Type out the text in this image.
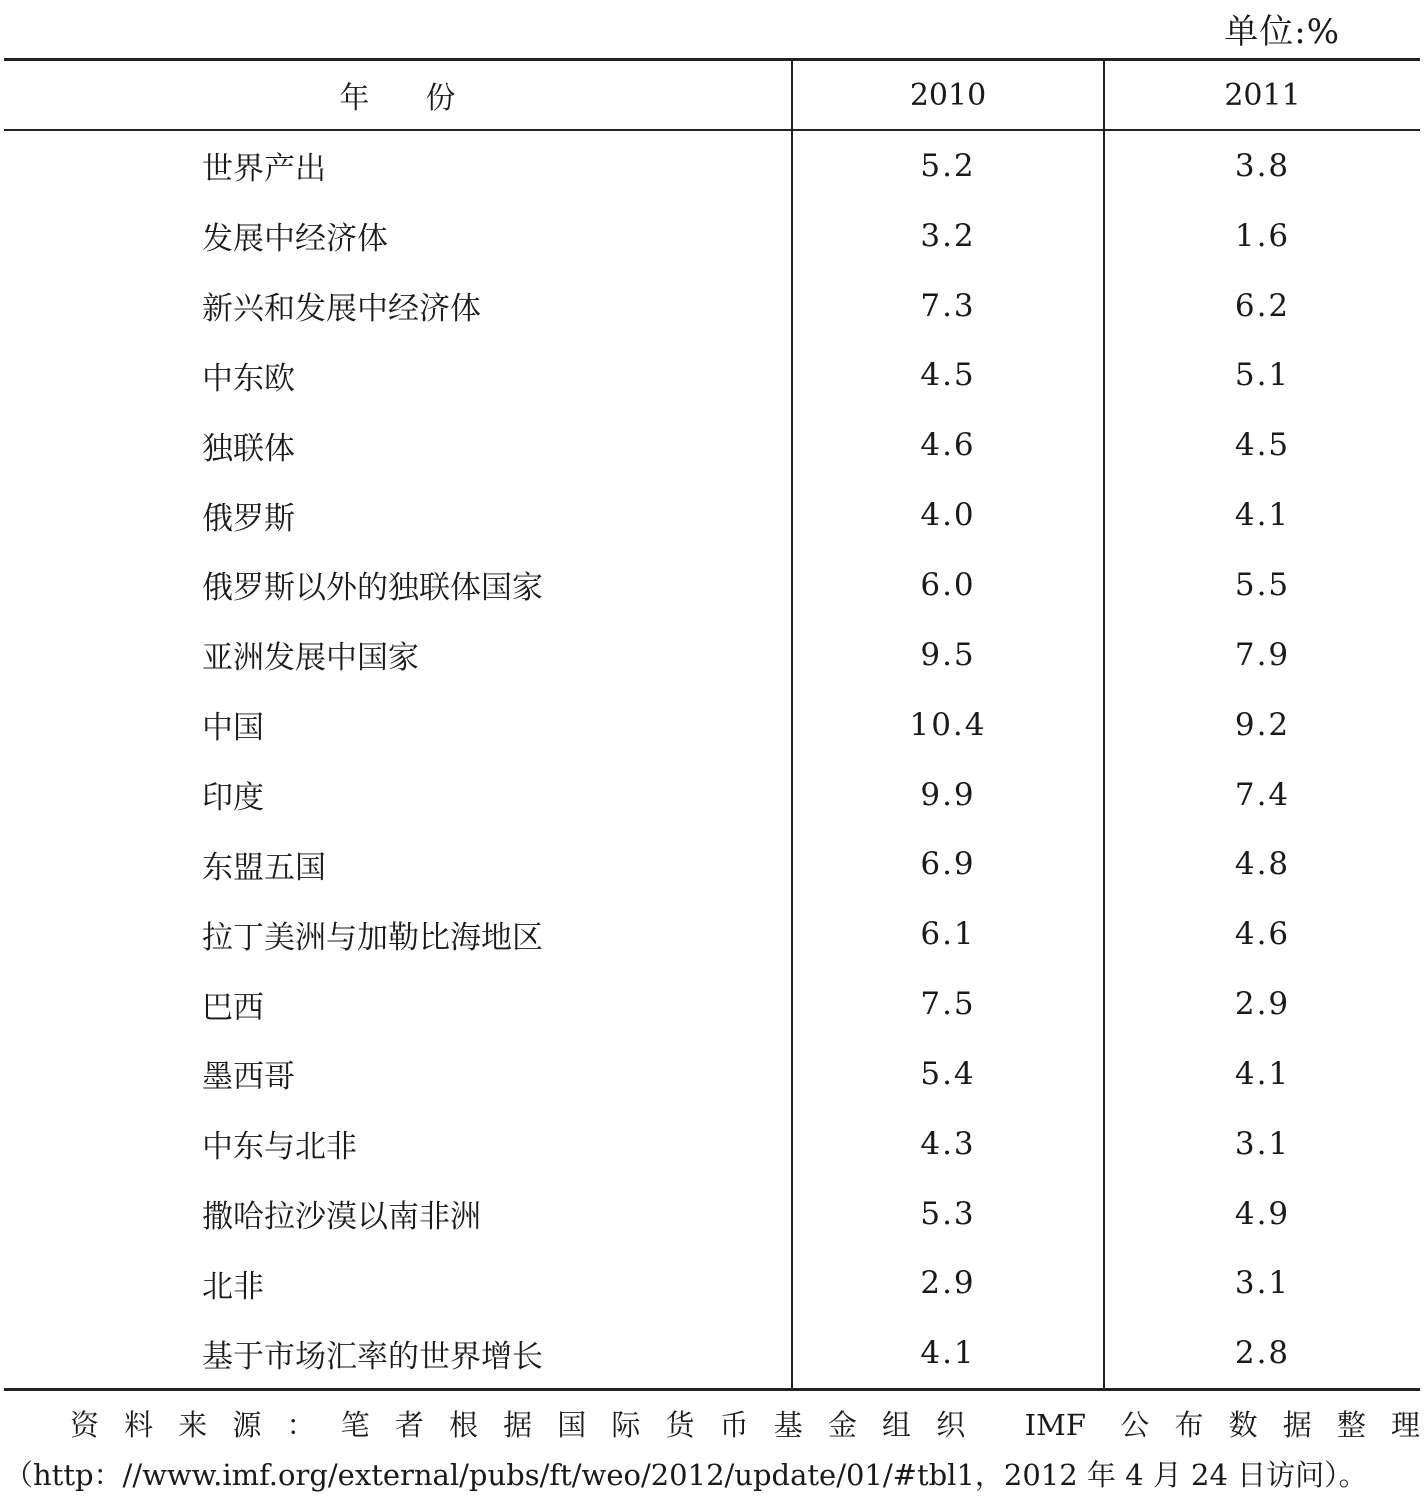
单位:%
年份	2010	2011
世界产出	5.2	3.8
发展中经济体	3.2	1.6
新兴和发展中经济体	7.3	6.2
中东欧	4.5	5.1
独联体	4.6	4.5
俄罗斯	4.0	4.1
俄罗斯以外的独联体国家	6.0	5.5
亚洲发展中国家	9.5	7.9
中国	10.4	9.2
印度	9.9	7.4
东盟五国	6.9	4.8
拉丁美洲与加勒比海地区	6.1	4.6
巴西	7.5	2.9
墨西哥	5.4	4.1
中东与北非	4.3	3.1
撒哈拉沙漠以南非洲	5.3	4.9
北非	2.9	3.1
基于市场汇率的世界增长	4.1	2.8
资料来源：笔者根据国际货币基金组织 IMF 公布数据整理（http：//www.imf.org/external/pubs/ft/weo/2012/update/01/#tbl1，2012 年 4 月 24 日访问）。
